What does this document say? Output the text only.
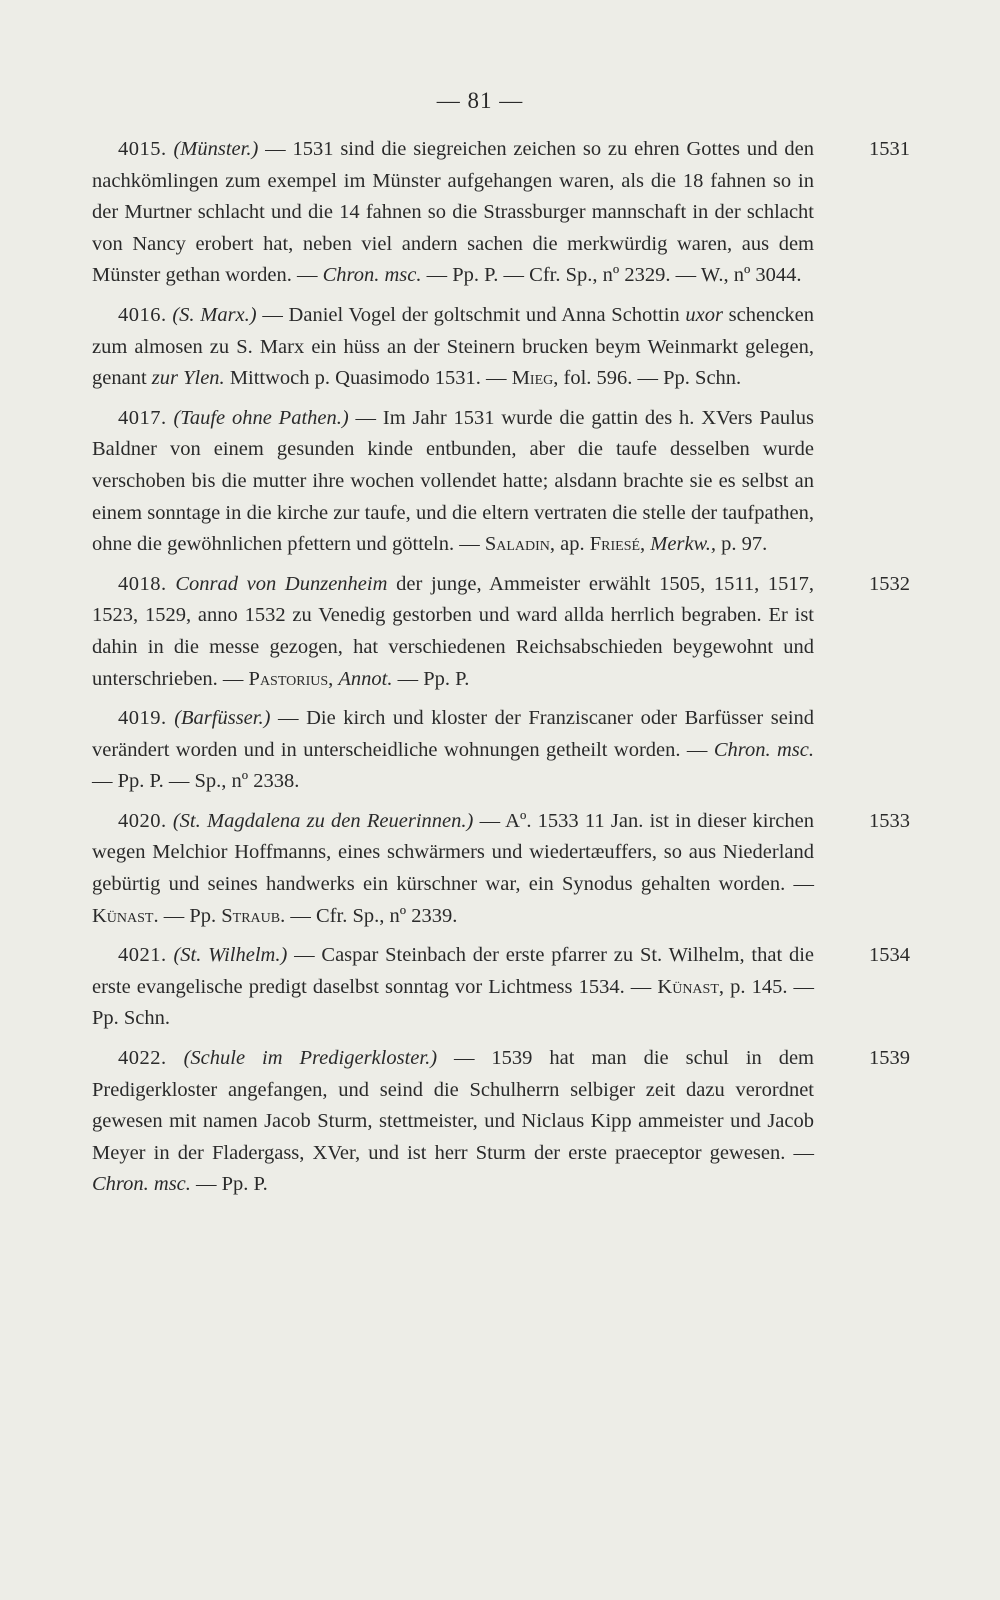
— 81 —

1531
4015. (Münster.) — 1531 sind die siegreichen zeichen so zu ehren Gottes und den nachkömlingen zum exempel im Münster aufgehangen waren, als die 18 fahnen so in der Murtner schlacht und die 14 fahnen so die Strassburger mannschaft in der schlacht von Nancy erobert hat, neben viel andern sachen die merkwürdig waren, aus dem Münster gethan worden. — Chron. msc. — Pp. P. — Cfr. Sp., nº 2329. — W., nº 3044.

4016. (S. Marx.) — Daniel Vogel der goltschmit und Anna Schottin uxor schencken zum almosen zu S. Marx ein hüss an der Steinern brucken beym Weinmarkt gelegen, genant zur Ylen. Mittwoch p. Quasimodo 1531. — Mieg, fol. 596. — Pp. Schn.

4017. (Taufe ohne Pathen.) — Im Jahr 1531 wurde die gattin des h. XVers Paulus Baldner von einem gesunden kinde entbunden, aber die taufe desselben wurde verschoben bis die mutter ihre wochen vollendet hatte; alsdann brachte sie es selbst an einem sonntage in die kirche zur taufe, und die eltern vertraten die stelle der taufpathen, ohne die gewöhnlichen pfettern und götteln. — Saladin, ap. Friesé, Merkw., p. 97.

1532
4018. Conrad von Dunzenheim der junge, Ammeister erwählt 1505, 1511, 1517, 1523, 1529, anno 1532 zu Venedig gestorben und ward allda herrlich begraben. Er ist dahin in die messe gezogen, hat verschiedenen Reichsabschieden beygewohnt und unterschrieben. — Pastorius, Annot. — Pp. P.

4019. (Barfüsser.) — Die kirch und kloster der Franziscaner oder Barfüsser seind verändert worden und in unterscheidliche wohnungen getheilt worden. — Chron. msc. — Pp. P. — Sp., nº 2338.

1533
4020. (St. Magdalena zu den Reuerinnen.) — Aº. 1533 11 Jan. ist in dieser kirchen wegen Melchior Hoffmanns, eines schwärmers und wiedertæuffers, so aus Niederland gebürtig und seines handwerks ein kürschner war, ein Synodus gehalten worden. — Künast. — Pp. Straub. — Cfr. Sp., nº 2339.

1534
4021. (St. Wilhelm.) — Caspar Steinbach der erste pfarrer zu St. Wilhelm, that die erste evangelische predigt daselbst sonntag vor Lichtmess 1534. — Künast, p. 145. — Pp. Schn.

1539
4022. (Schule im Predigerkloster.) — 1539 hat man die schul in dem Predigerkloster angefangen, und seind die Schulherrn selbiger zeit dazu verordnet gewesen mit namen Jacob Sturm, stettmeister, und Niclaus Kipp ammeister und Jacob Meyer in der Fladergass, XVer, und ist herr Sturm der erste praeceptor gewesen. — Chron. msc. — Pp. P.
